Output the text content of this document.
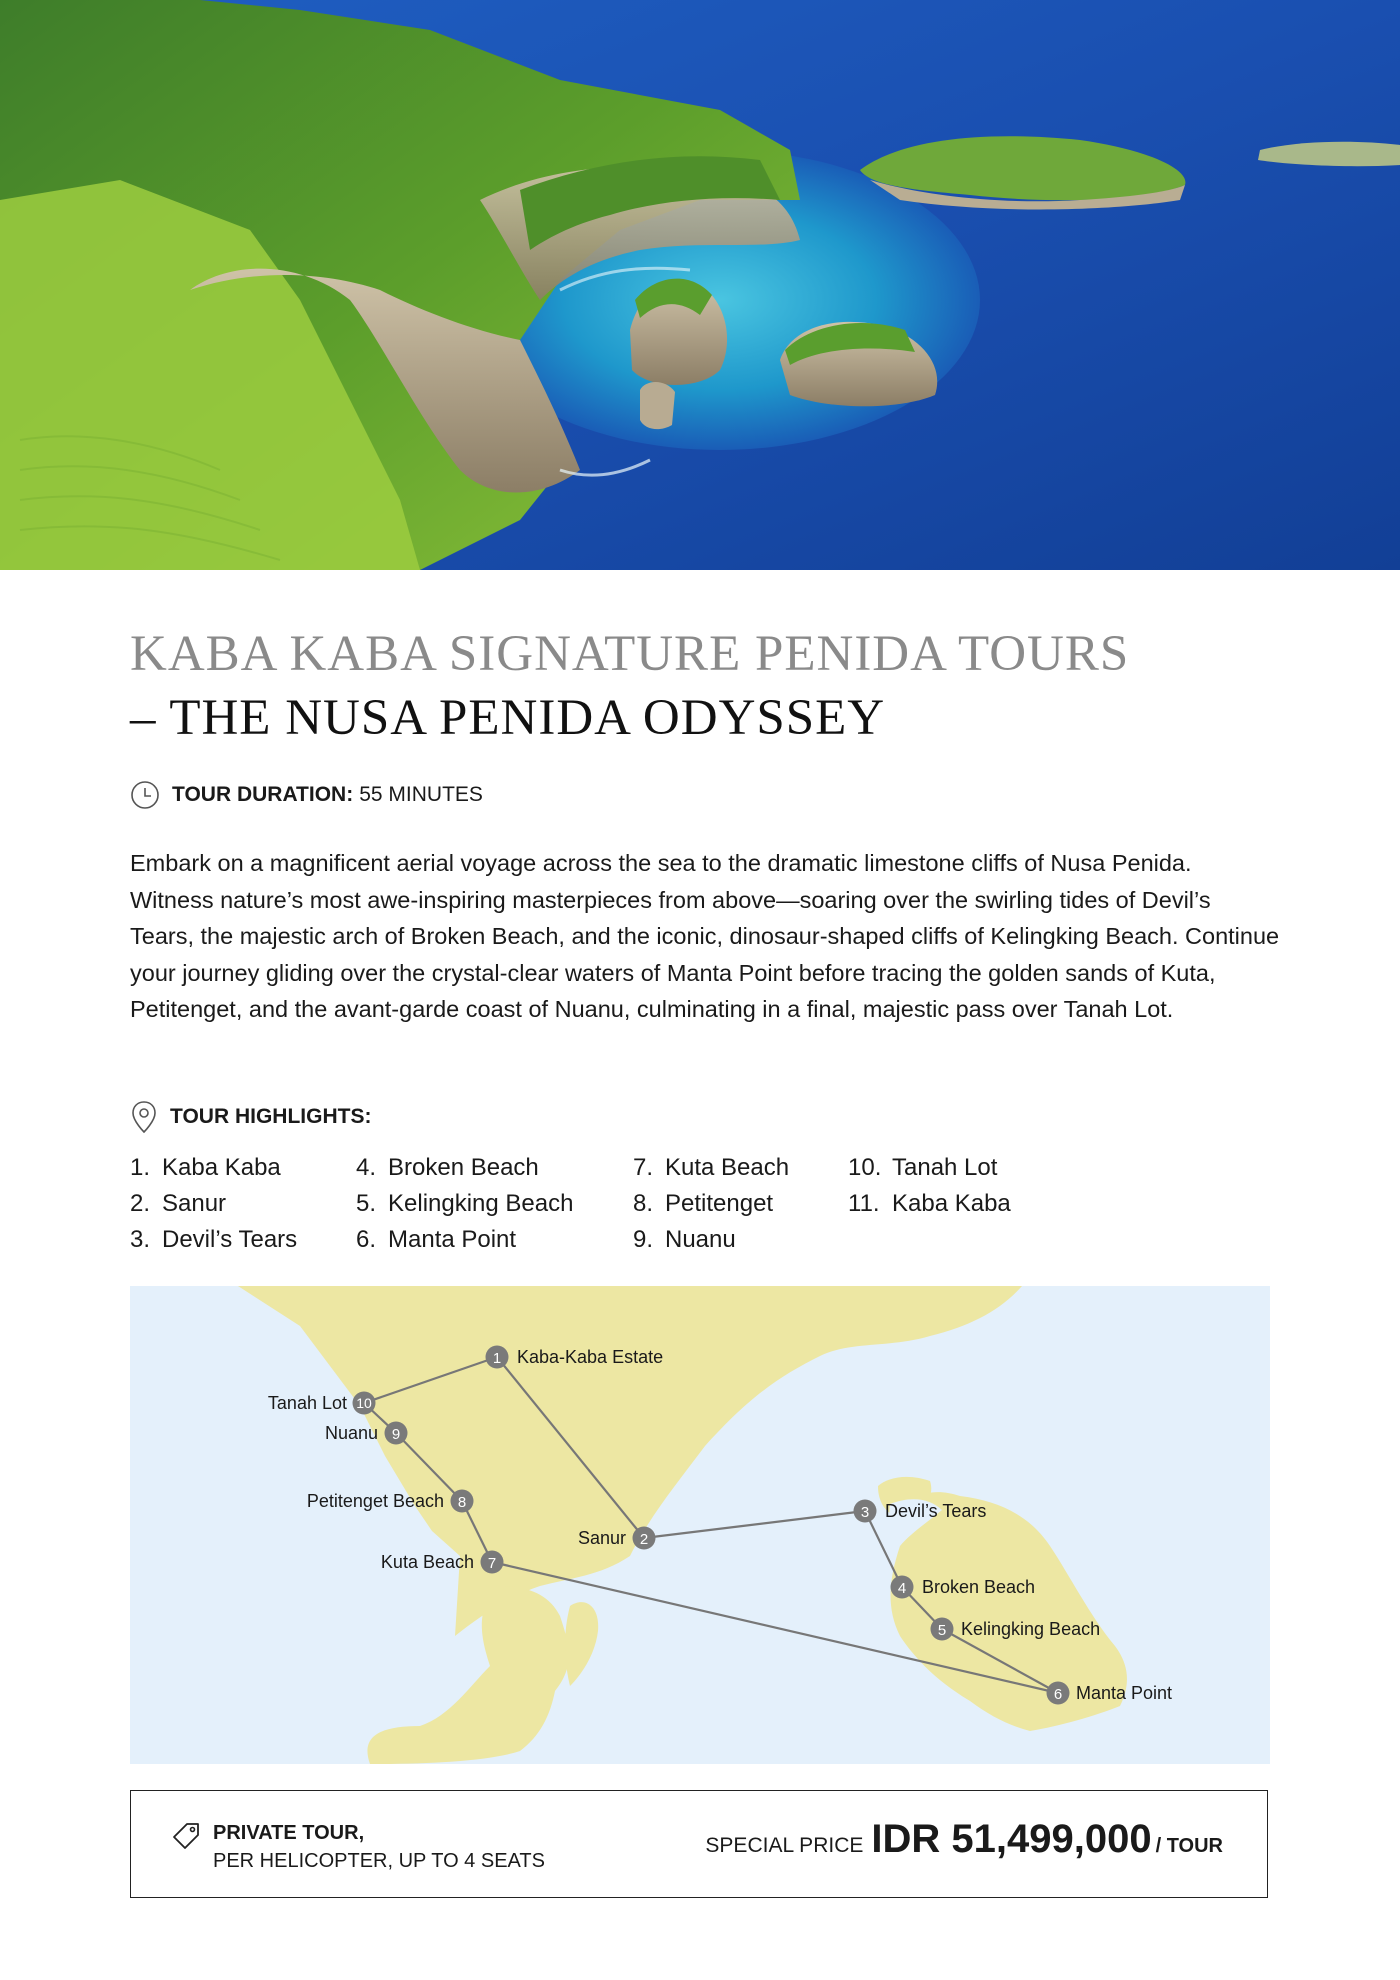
KABA KABA SIGNATURE PENIDA TOURS
– THE NUSA PENIDA ODYSSEY
TOUR DURATION: 55 MINUTES

Embark on a magnificent aerial voyage across the sea to the dramatic limestone cliffs of Nusa Penida. Witness nature’s most awe-inspiring masterpieces from above—soaring over the swirling tides of Devil’s Tears, the majestic arch of Broken Beach, and the iconic, dinosaur-shaped cliffs of Kelingking Beach. Continue your journey gliding over the crystal-clear waters of Manta Point before tracing the golden sands of Kuta, Petitenget, and the avant-garde coast of Nuanu, culminating in a final, majestic pass over Tanah Lot.

TOUR HIGHLIGHTS:
1. Kaba Kaba
2. Sanur
3. Devil’s Tears
4. Broken Beach
5. Kelingking Beach
6. Manta Point
7. Kuta Beach
8. Petitenget
9. Nuanu
10. Tanah Lot
11. Kaba Kaba
1 Kaba-Kaba Estate
10
Tanah Lot
9
Nuanu
8
Petitenget Beach
2
Sanur
7
Kuta Beach
3 Devil’s Tears
4 Broken Beach
5 Kelingking Beach
6 Manta Point
PRIVATE TOUR,
PER HELICOPTER, UP TO 4 SEATS
SPECIAL PRICE IDR 51,499,000 / TOUR
